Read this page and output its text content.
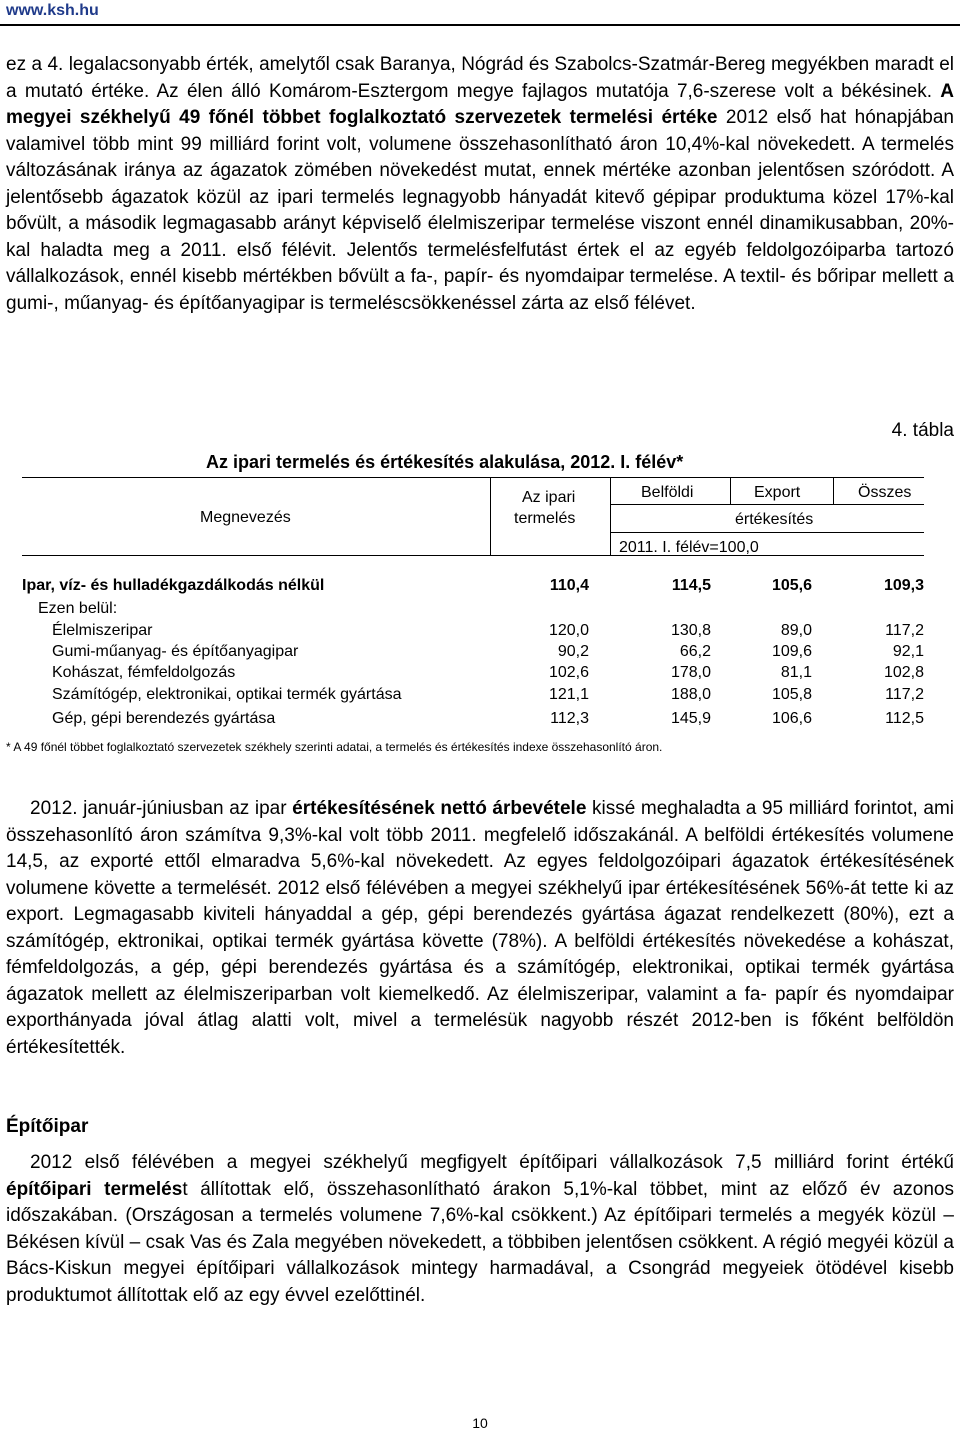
www.ksh.hu
ez a 4. legalacsonyabb érték, amelytől csak Baranya, Nógrád és Szabolcs-Szatmár-Bereg megyékben maradt el a mutató értéke. Az élen álló Komárom-Esztergom megye fajlagos mutatója 7,6-szerese volt a békésinek. A megyei székhelyű 49 főnél többet foglalkoztató szervezetek termelési értéke 2012 első hat hónapjában valamivel több mint 99 milliárd forint volt, volumene összehasonlítható áron 10,4%-kal növekedett. A termelés változásának iránya az ágazatok zömében növekedést mutat, ennek mértéke azonban jelentősen szóródott. A jelentősebb ágazatok közül az ipari termelés legnagyobb hányadát kitevő gépipar produktuma közel 17%-kal bővült, a második legmagasabb arányt képviselő élelmiszeripar termelése viszont ennél dinamikusabban, 20%-kal haladta meg a 2011. első félévit. Jelentős termelésfelfutást értek el az egyéb feldolgozóiparba tartozó vállalkozások, ennél kisebb mértékben bővült a fa-, papír- és nyomdaipar termelése. A textil- és bőripar mellett a gumi-, műanyag- és építőanyagipar is termeléscsökkenéssel zárta az első félévet.
4. tábla
Az ipari termelés és értékesítés alakulása, 2012. I. félév*
Megnevezés
Az ipari
termelés
Belföldi	Export	Összes
értékesítés
2011. I. félév=100,0
Ipar, víz- és hulladékgazdálkodás nélkül	110,4	114,5	105,6	109,3
Ezen belül:
Élelmiszeripar	120,0	130,8	89,0	117,2
Gumi-műanyag- és építőanyagipar	90,2	66,2	109,6	92,1
Kohászat, fémfeldolgozás	102,6	178,0	81,1	102,8
Számítógép, elektronikai, optikai termék gyártása	121,1	188,0	105,8	117,2
Gép, gépi berendezés gyártása	112,3	145,9	106,6	112,5
* A 49 főnél többet foglalkoztató szervezetek székhely szerinti adatai, a termelés és értékesítés indexe összehasonlító áron.
2012. január-júniusban az ipar értékesítésének nettó árbevétele kissé meghaladta a 95 milliárd forintot, ami összehasonlító áron számítva 9,3%-kal volt több 2011. megfelelő időszakánál. A belföldi értékesítés volumene 14,5, az exporté ettől elmaradva 5,6%-kal növekedett. Az egyes feldolgozóipari ágazatok értékesítésének volumene követte a termelését. 2012 első félévében a megyei székhelyű ipar értékesítésének 56%-át tette ki az export. Legmagasabb kiviteli hányaddal a gép, gépi berendezés gyártása ágazat rendelkezett (80%), ezt a számítógép, ektronikai, optikai termék gyártása követte (78%). A belföldi értékesítés növekedése a kohászat, fémfeldolgozás, a gép, gépi berendezés gyártása és a számítógép, elektronikai, optikai termék gyártása ágazatok mellett az élelmiszeriparban volt kiemelkedő. Az élelmiszeripar, valamint a fa- papír és nyomdaipar exporthányada jóval átlag alatti volt, mivel a termelésük nagyobb részét 2012-ben is főként belföldön értékesítették.
Építőipar
2012 első félévében a megyei székhelyű megfigyelt építőipari vállalkozások 7,5 milliárd forint értékű építőipari termelést állítottak elő, összehasonlítható árakon 5,1%-kal többet, mint az előző év azonos időszakában. (Országosan a termelés volumene 7,6%-kal csökkent.) Az építőipari termelés a megyék közül – Békésen kívül – csak Vas és Zala megyében növekedett, a többiben jelentősen csökkent. A régió megyéi közül a Bács-Kiskun megyei építőipari vállalkozások mintegy harmadával, a Csongrád megyeiek ötödével kisebb produktumot állítottak elő az egy évvel ezelőttinél.
10
